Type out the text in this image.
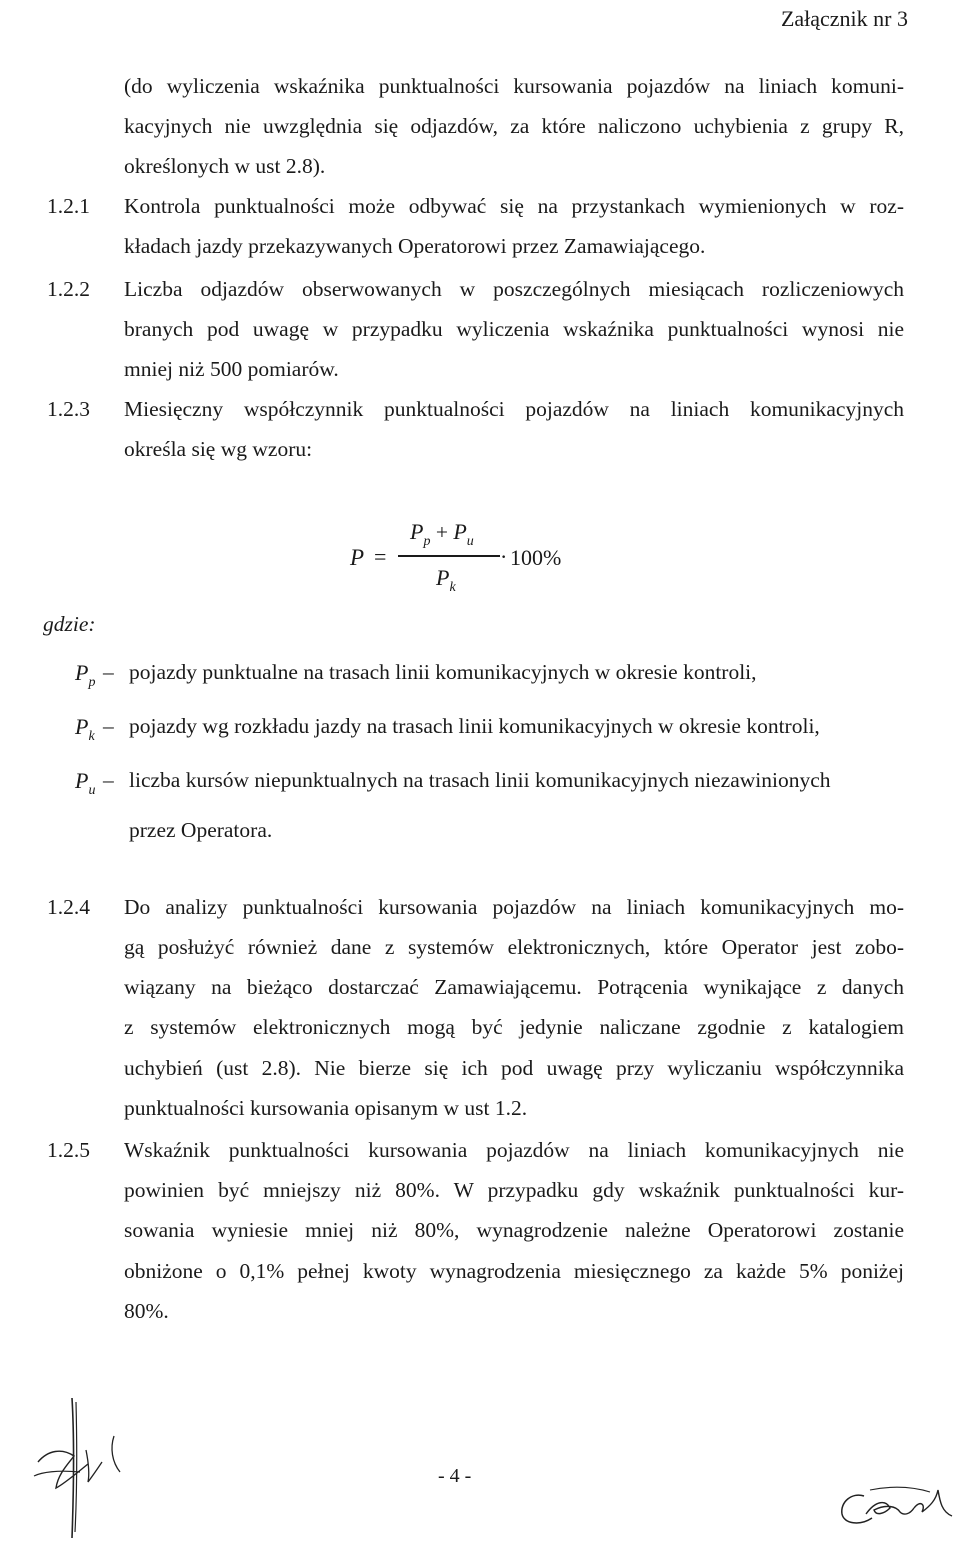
Załącznik nr 3
(do wyliczenia wskaźnika punktualności kursowania pojazdów na liniach komuni-
kacyjnych nie uwzględnia się odjazdów, za które naliczono uchybienia z grupy R,
określonych w ust 2.8).
1.2.1 Kontrola punktualności może odbywać się na przystankach wymienionych w roz-
kładach jazdy przekazywanych Operatorowi przez Zamawiającego.
1.2.2 Liczba odjazdów obserwowanych w poszczególnych miesiącach rozliczeniowych
branych pod uwagę w przypadku wyliczenia wskaźnika punktualności wynosi nie
mniej niż 500 pomiarów.
1.2.3 Miesięczny współczynnik punktualności pojazdów na liniach komunikacyjnych
określa się wg wzoru:
P =
$P_p + P_u$
$P_k$
· 100%
gdzie:
$P_p$ – pojazdy punktualne na trasach linii komunikacyjnych w okresie kontroli,
$P_k$ – pojazdy wg rozkładu jazdy na trasach linii komunikacyjnych w okresie kontroli,
$P_u$ – liczba kursów niepunktualnych na trasach linii komunikacyjnych niezawinionych
przez Operatora.
1.2.4 Do analizy punktualności kursowania pojazdów na liniach komunikacyjnych mo-
gą posłużyć również dane z systemów elektronicznych, które Operator jest zobo-
wiązany na bieżąco dostarczać Zamawiającemu. Potrącenia wynikające z danych
z systemów elektronicznych mogą być jedynie naliczane zgodnie z katalogiem
uchybień (ust 2.8). Nie bierze się ich pod uwagę przy wyliczaniu współczynnika
punktualności kursowania opisanym w ust 1.2.
1.2.5 Wskaźnik punktualności kursowania pojazdów na liniach komunikacyjnych nie
powinien być mniejszy niż 80%. W przypadku gdy wskaźnik punktualności kur-
sowania wyniesie mniej niż 80%, wynagrodzenie należne Operatorowi zostanie
obniżone o 0,1% pełnej kwoty wynagrodzenia miesięcznego za każde 5% poniżej
80%.
- 4 -
